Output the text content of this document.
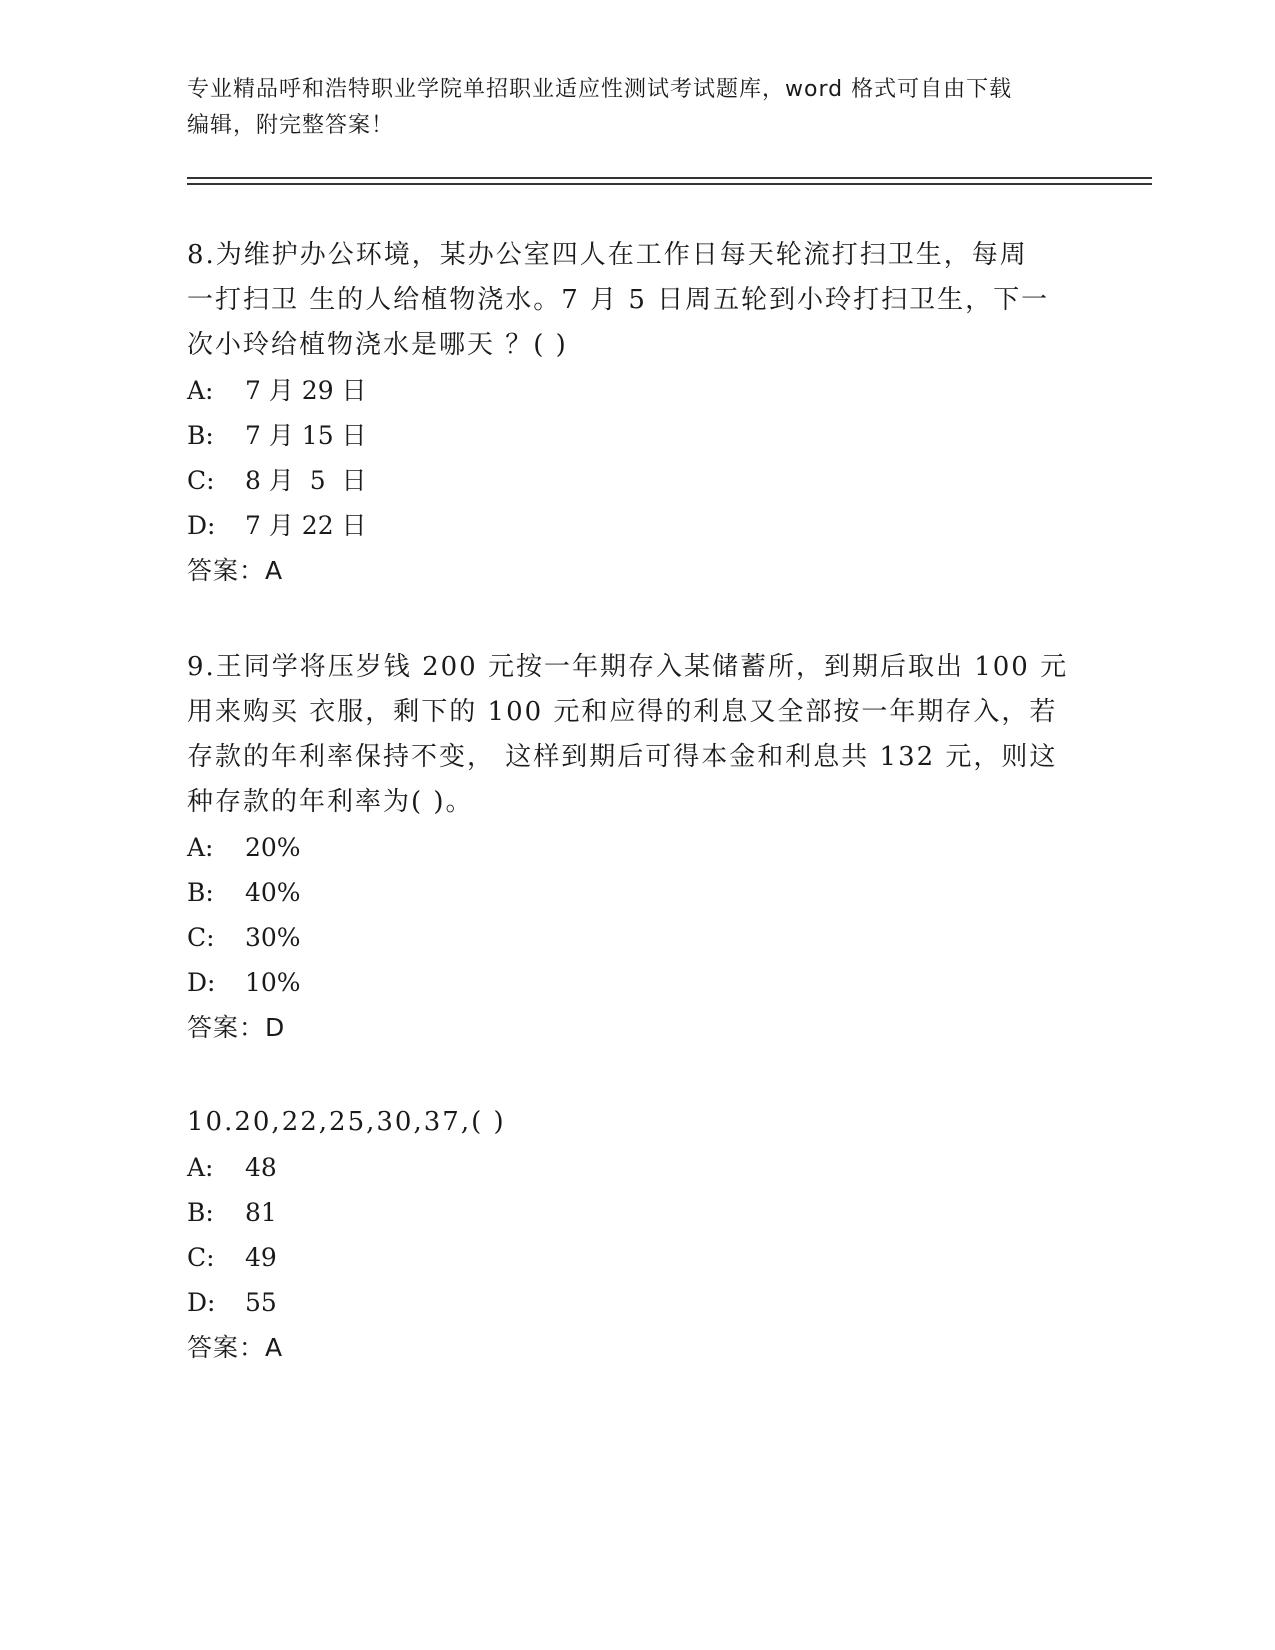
专业精品呼和浩特职业学院单招职业适应性测试考试题库，word 格式可自由下载
编辑，附完整答案！

8.为维护办公环境，某办公室四人在工作日每天轮流打扫卫生，每周

一打扫卫 生的人给植物浇水。7 月 5 日周五轮到小玲打扫卫生，下一

次小玲给植物浇水是哪天 ？( )

A: 7 月 29 日

B: 7 月 15 日

C: 8 月  5  日

D: 7 月 22 日

答案：A

9.王同学将压岁钱 200 元按一年期存入某储蓄所，到期后取出 100 元

用来购买 衣服，剩下的 100 元和应得的利息又全部按一年期存入，若

存款的年利率保持不变， 这样到期后可得本金和利息共 132 元，则这

种存款的年利率为( )。

A: 20%

B: 40%

C: 30%

D: 10%

答案：D

10.20,22,25,30,37,( )

A: 48

B: 81

C: 49

D: 55

答案：A
